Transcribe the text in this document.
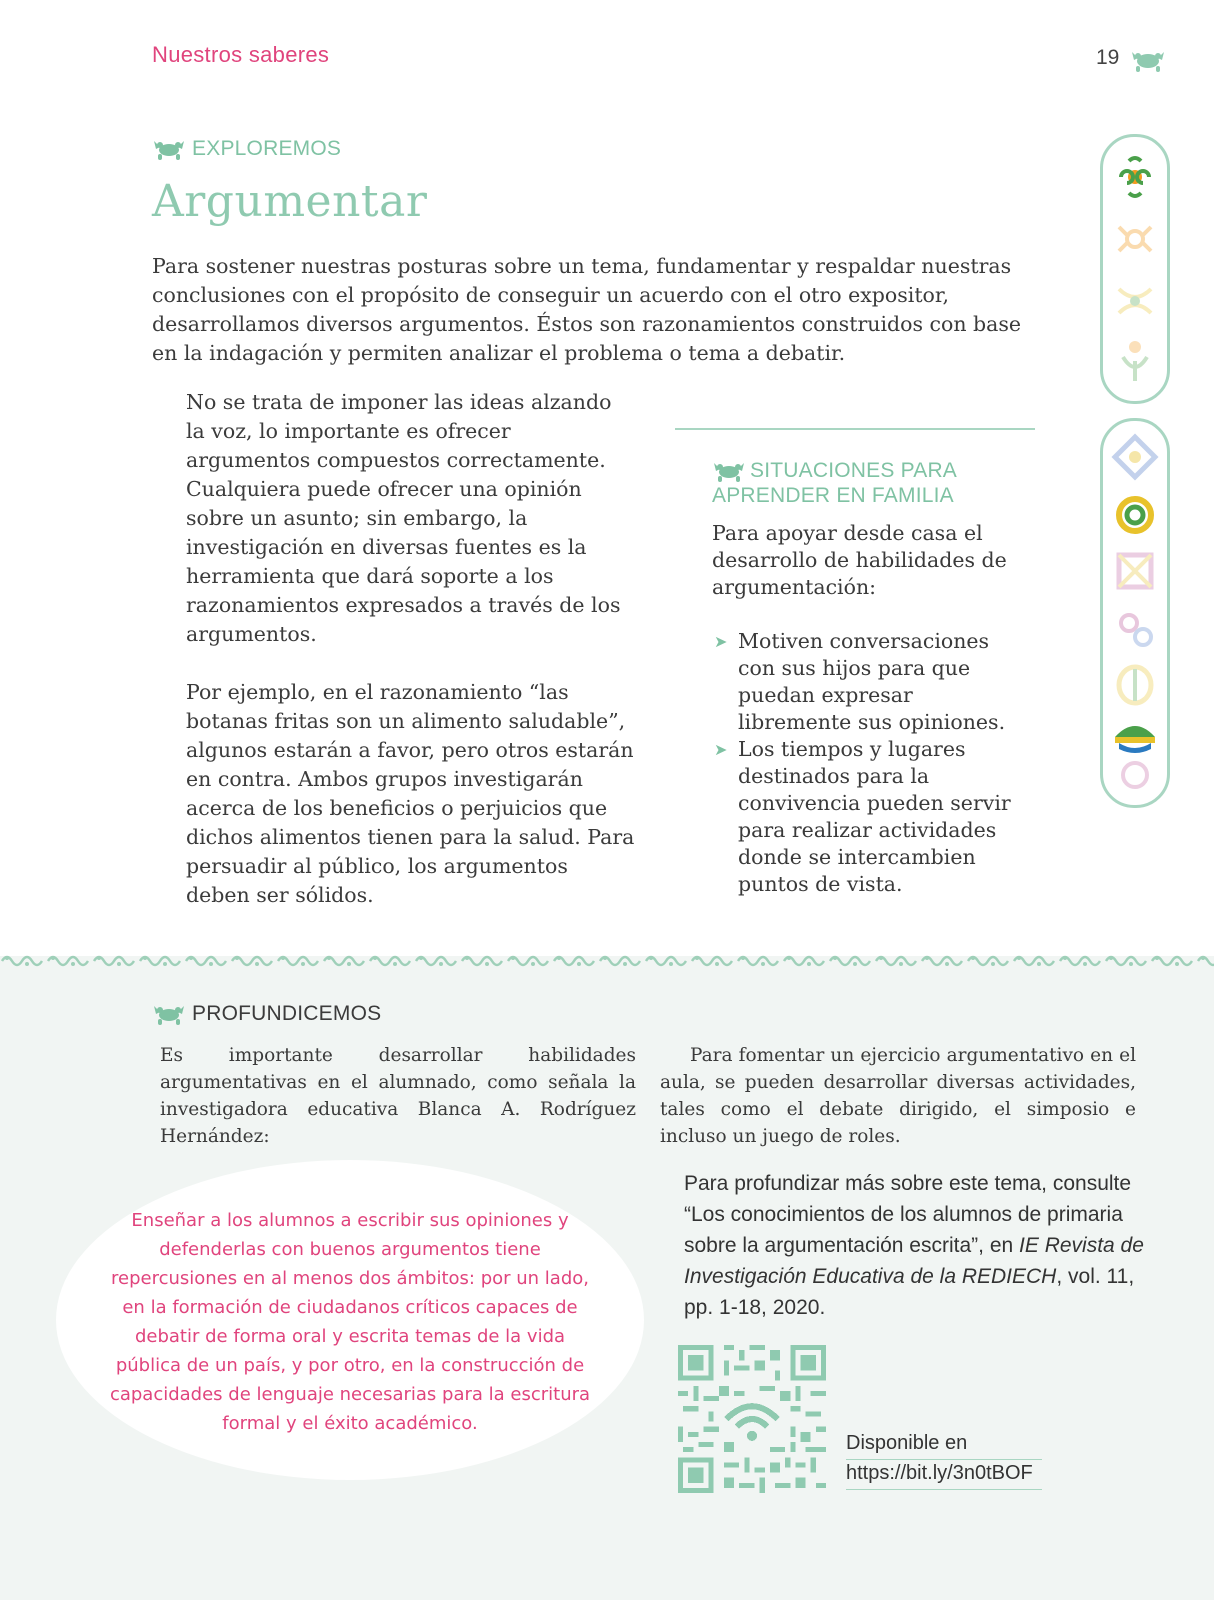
Nuestros saberes	19
EXPLOREMOS
Argumentar
Para sostener nuestras posturas sobre un tema, fundamentar y respaldar nuestras conclusiones con el propósito de conseguir un acuerdo con el otro expositor, desarrollamos diversos argumentos. Éstos son razonamientos construidos con base en la indagación y permiten analizar el problema o tema a debatir.

No se trata de imponer las ideas alzando la voz, lo importante es ofrecer argumentos compuestos correctamente. Cualquiera puede ofrecer una opinión sobre un asunto; sin embargo, la investigación en diversas fuentes es la herramienta que dará soporte a los razonamientos expresados a través de los argumentos.

Por ejemplo, en el razonamiento “las botanas fritas son un alimento saludable”, algunos estarán a favor, pero otros estarán en contra. Ambos grupos investigarán acerca de los beneficios o perjuicios que dichos alimentos tienen para la salud. Para persuadir al público, los argumentos deben ser sólidos.

SITUACIONES PARA APRENDER EN FAMILIA
Para apoyar desde casa el desarrollo de habilidades de argumentación:
➤ Motiven conversaciones con sus hijos para que puedan expresar libremente sus opiniones.
➤ Los tiempos y lugares destinados para la convivencia pueden servir para realizar actividades donde se intercambien puntos de vista.
PROFUNDICEMOS
Es importante desarrollar habilidades argumentativas en el alumnado, como señala la investigadora educativa Blanca A. Rodríguez Hernández:
Para fomentar un ejercicio argumentativo en el aula, se pueden desarrollar diversas actividades, tales como el debate dirigido, el simposio e incluso un juego de roles.
Enseñar a los alumnos a escribir sus opiniones y defenderlas con buenos argumentos tiene repercusiones en al menos dos ámbitos: por un lado, en la formación de ciudadanos críticos capaces de debatir de forma oral y escrita temas de la vida pública de un país, y por otro, en la construcción de capacidades de lenguaje necesarias para la escritura formal y el éxito académico.
Para profundizar más sobre este tema, consulte “Los conocimientos de los alumnos de primaria sobre la argumentación escrita”, en IE Revista de Investigación Educativa de la REDIECH, vol. 11, pp. 1-18, 2020.
Disponible en
https://bit.ly/3n0tBOF
